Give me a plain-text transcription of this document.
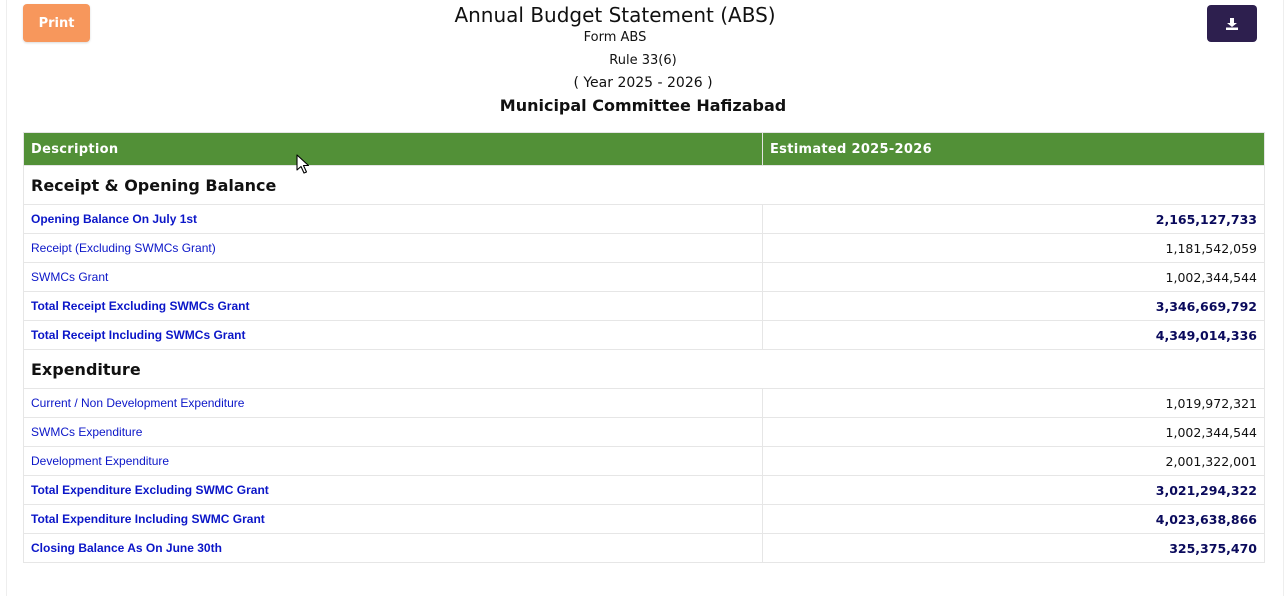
Print	Annual Budget Statement (ABS)
Form ABS
Rule 33(6)
( Year 2025 - 2026 )
Municipal Committee Hafizabad
Description	Estimated 2025-2026
Receipt & Opening Balance	
Opening Balance On July 1st	2,165,127,733
Receipt (Excluding SWMCs Grant)	1,181,542,059
SWMCs Grant	1,002,344,544
Total Receipt Excluding SWMCs Grant	3,346,669,792
Total Receipt Including SWMCs Grant	4,349,014,336
Expenditure	
Current / Non Development Expenditure	1,019,972,321
SWMCs Expenditure	1,002,344,544
Development Expenditure	2,001,322,001
Total Expenditure Excluding SWMC Grant	3,021,294,322
Total Expenditure Including SWMC Grant	4,023,638,866
Closing Balance As On June 30th	325,375,470
